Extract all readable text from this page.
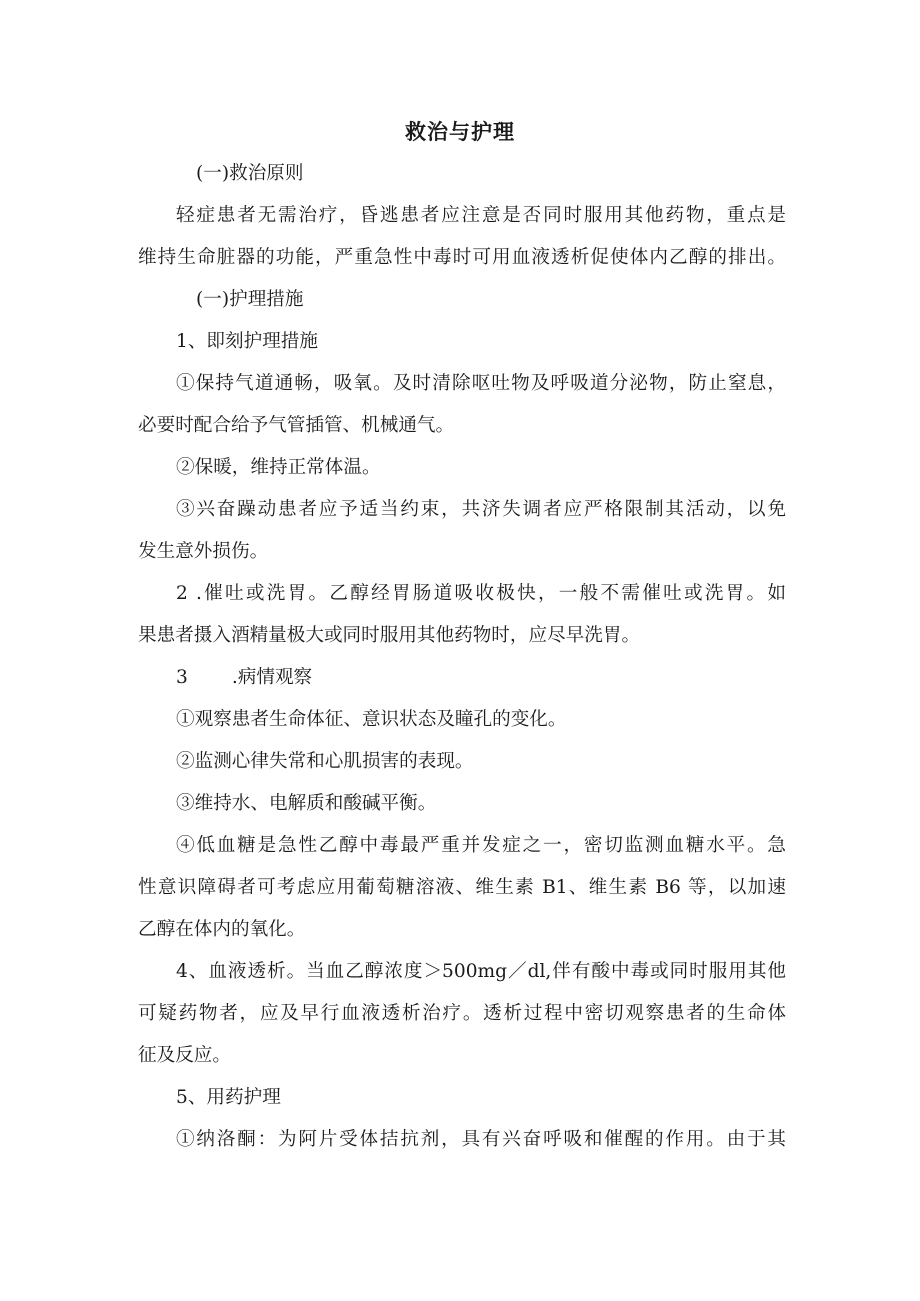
救治与护理

(一)救治原则

轻症患者无需治疗，昏逃患者应注意是否同时服用其他药物，重点是

维持生命脏器的功能，严重急性中毒时可用血液透析促使体内乙醇的排出。

(一)护理措施

1、即刻护理措施

①保持气道通畅，吸氧。及时清除呕吐物及呼吸道分泌物，防止窒息，

必要时配合给予气管插管、机械通气。

②保暖，维持正常体温。

③兴奋躁动患者应予适当约束，共济失调者应严格限制其活动，以免

发生意外损伤。

2 .催吐或洗胃。乙醇经胃肠道吸收极快，一般不需催吐或洗胃。如

果患者摄入酒精量极大或同时服用其他药物时，应尽早洗胃。

3 .病情观察

①观察患者生命体征、意识状态及瞳孔的变化。

②监测心律失常和心肌损害的表现。

③维持水、电解质和酸碱平衡。

④低血糖是急性乙醇中毒最严重并发症之一，密切监测血糖水平。急

性意识障碍者可考虑应用葡萄糖溶液、维生素 B1、维生素 B6 等，以加速

乙醇在体内的氧化。

4、血液透析。当血乙醇浓度＞500mg／dl,伴有酸中毒或同时服用其他

可疑药物者，应及早行血液透析治疗。透析过程中密切观察患者的生命体

征及反应。

5、用药护理

①纳洛酮：为阿片受体拮抗剂，具有兴奋呼吸和催醒的作用。由于其
